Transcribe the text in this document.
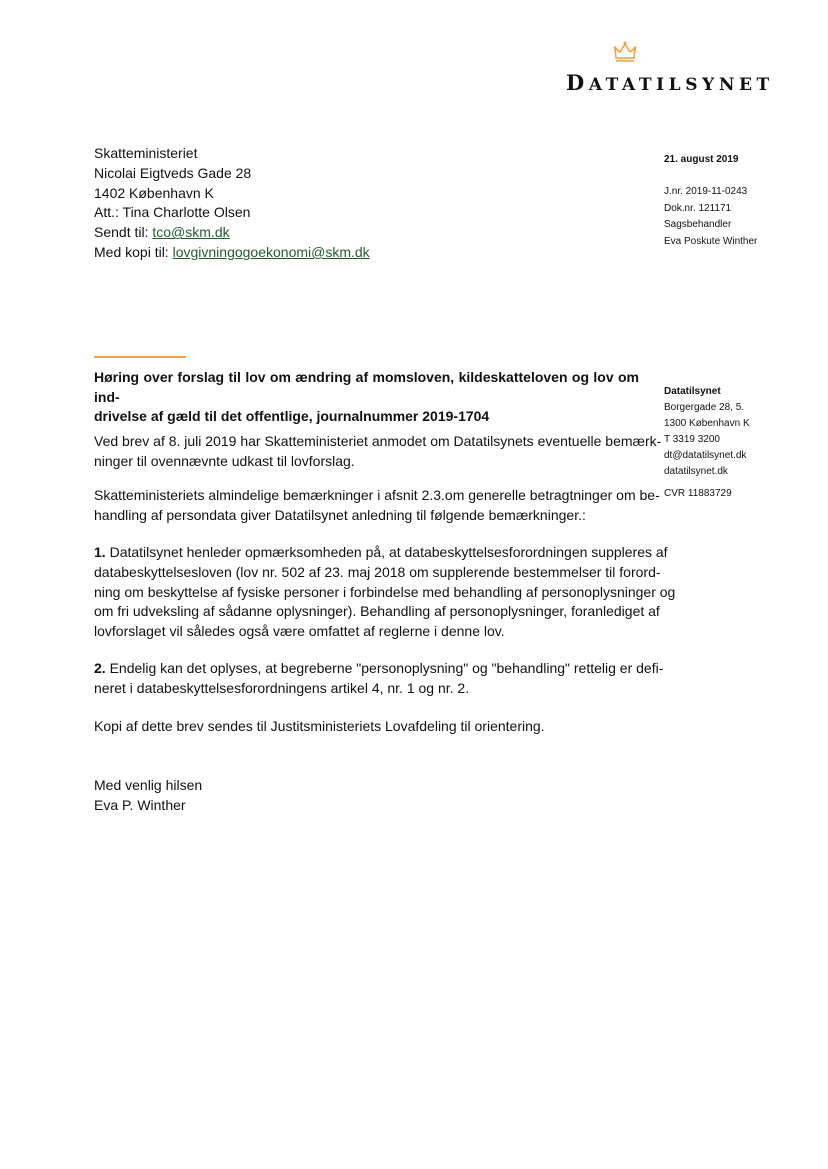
DATATILSYNET
Skatteministeriet
Nicolai Eigtveds Gade 28
1402 København K
Att.: Tina Charlotte Olsen
Sendt til: tco@skm.dk
Med kopi til: lovgivningogoekonomi@skm.dk
21. august 2019
J.nr. 2019-11-0243
Dok.nr. 121171
Sagsbehandler
Eva Poskute Winther
Datatilsynet
Borgergade 28, 5.
1300 København K
T 3319 3200
dt@datatilsynet.dk
datatilsynet.dk
CVR 11883729
Høring over forslag til lov om ændring af momsloven, kildeskatteloven og lov om ind-
drivelse af gæld til det offentlige, journalnummer 2019-1704
Ved brev af 8. juli 2019 har Skatteministeriet anmodet om Datatilsynets eventuelle bemærk-
ninger til ovennævnte udkast til lovforslag.
Skatteministeriets almindelige bemærkninger i afsnit 2.3.om generelle betragtninger om be-
handling af persondata giver Datatilsynet anledning til følgende bemærkninger.:
1. Datatilsynet henleder opmærksomheden på, at databeskyttelsesforordningen suppleres af
databeskyttelsesloven (lov nr. 502 af 23. maj 2018 om supplerende bestemmelser til forord-
ning om beskyttelse af fysiske personer i forbindelse med behandling af personoplysninger og
om fri udveksling af sådanne oplysninger). Behandling af personoplysninger, foranlediget af
lovforslaget vil således også være omfattet af reglerne i denne lov.
2. Endelig kan det oplyses, at begreberne "personoplysning" og "behandling" rettelig er defi-
neret i databeskyttelsesforordningens artikel 4, nr. 1 og nr. 2.
Kopi af dette brev sendes til Justitsministeriets Lovafdeling til orientering.
Med venlig hilsen
Eva P. Winther
